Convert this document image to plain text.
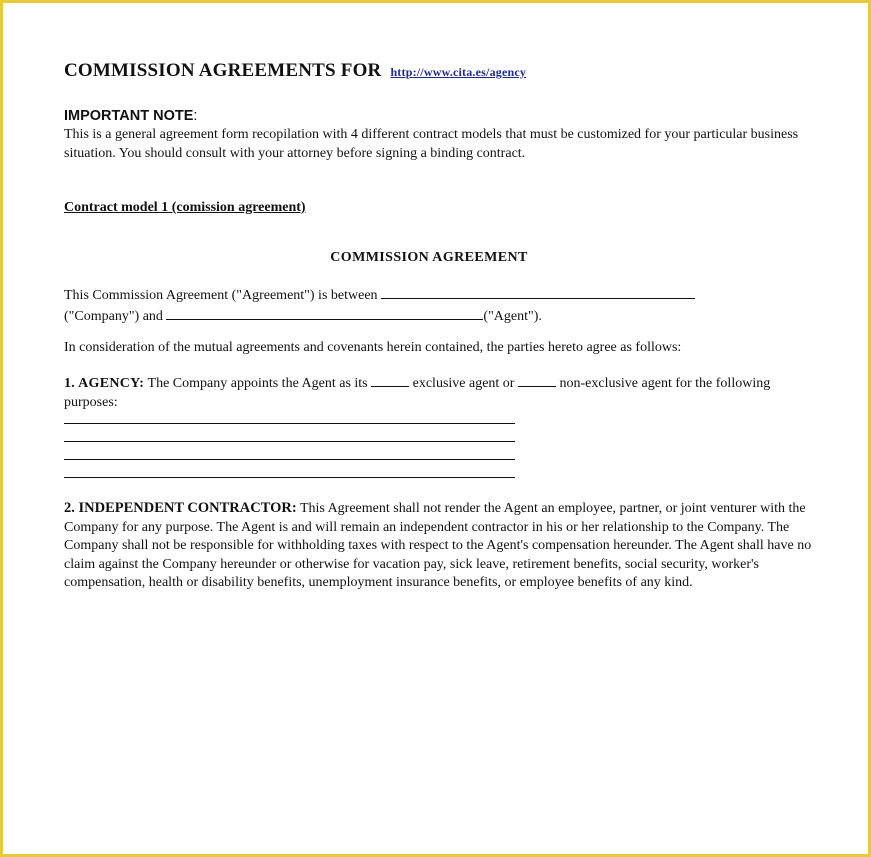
COMMISSION AGREEMENTS FOR http://www.cita.es/agency
IMPORTANT NOTE:
This is a general agreement form recopilation with 4 different contract models that must be customized for your particular business situation. You should consult with your attorney before signing a binding contract.
Contract model 1 (comission agreement)
COMMISSION AGREEMENT
This Commission Agreement ("Agreement") is between
("Company") and	("Agent").
In consideration of the mutual agreements and covenants herein contained, the parties hereto agree as follows:
1. AGENCY: The Company appoints the Agent as its	exclusive agent or	non-exclusive agent for the following purposes:
2. INDEPENDENT CONTRACTOR: This Agreement shall not render the Agent an employee, partner, or joint venturer with the Company for any purpose. The Agent is and will remain an independent contractor in his or her relationship to the Company. The Company shall not be responsible for withholding taxes with respect to the Agent's compensation hereunder. The Agent shall have no claim against the Company hereunder or otherwise for vacation pay, sick leave, retirement benefits, social security, worker's compensation, health or disability benefits, unemployment insurance benefits, or employee benefits of any kind.
